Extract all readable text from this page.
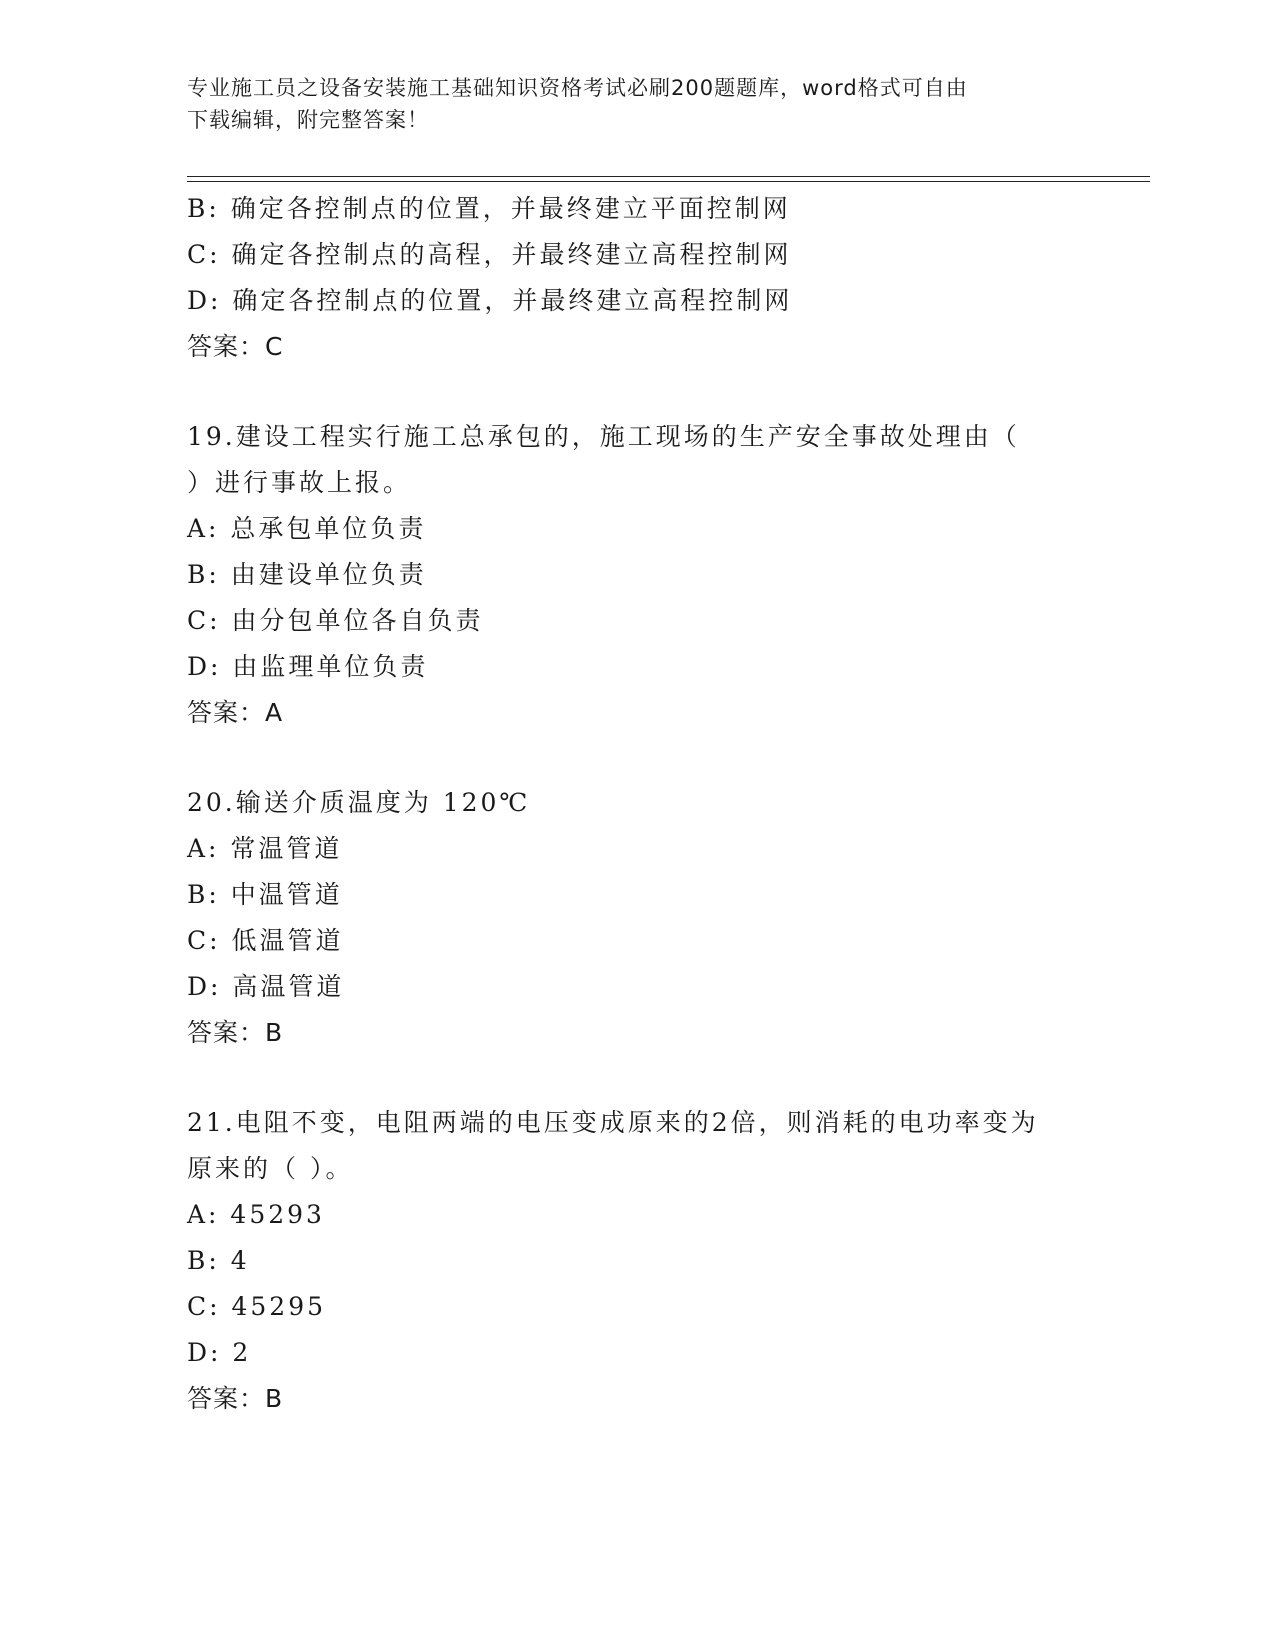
专业施工员之设备安装施工基础知识资格考试必刷200题题库，word格式可自由
下载编辑，附完整答案！
B: 确定各控制点的位置，并最终建立平面控制网
C: 确定各控制点的高程，并最终建立高程控制网
D: 确定各控制点的位置，并最终建立高程控制网
答案：C
19.建设工程实行施工总承包的，施工现场的生产安全事故处理由（
）进行事故上报。
A: 总承包单位负责
B: 由建设单位负责
C: 由分包单位各自负责
D: 由监理单位负责
答案：A
20.输送介质温度为 120℃
A: 常温管道
B: 中温管道
C: 低温管道
D: 高温管道
答案：B
21.电阻不变，电阻两端的电压变成原来的2倍，则消耗的电功率变为
原来的（ ）。
A: 45293
B: 4
C: 45295
D: 2
答案：B
